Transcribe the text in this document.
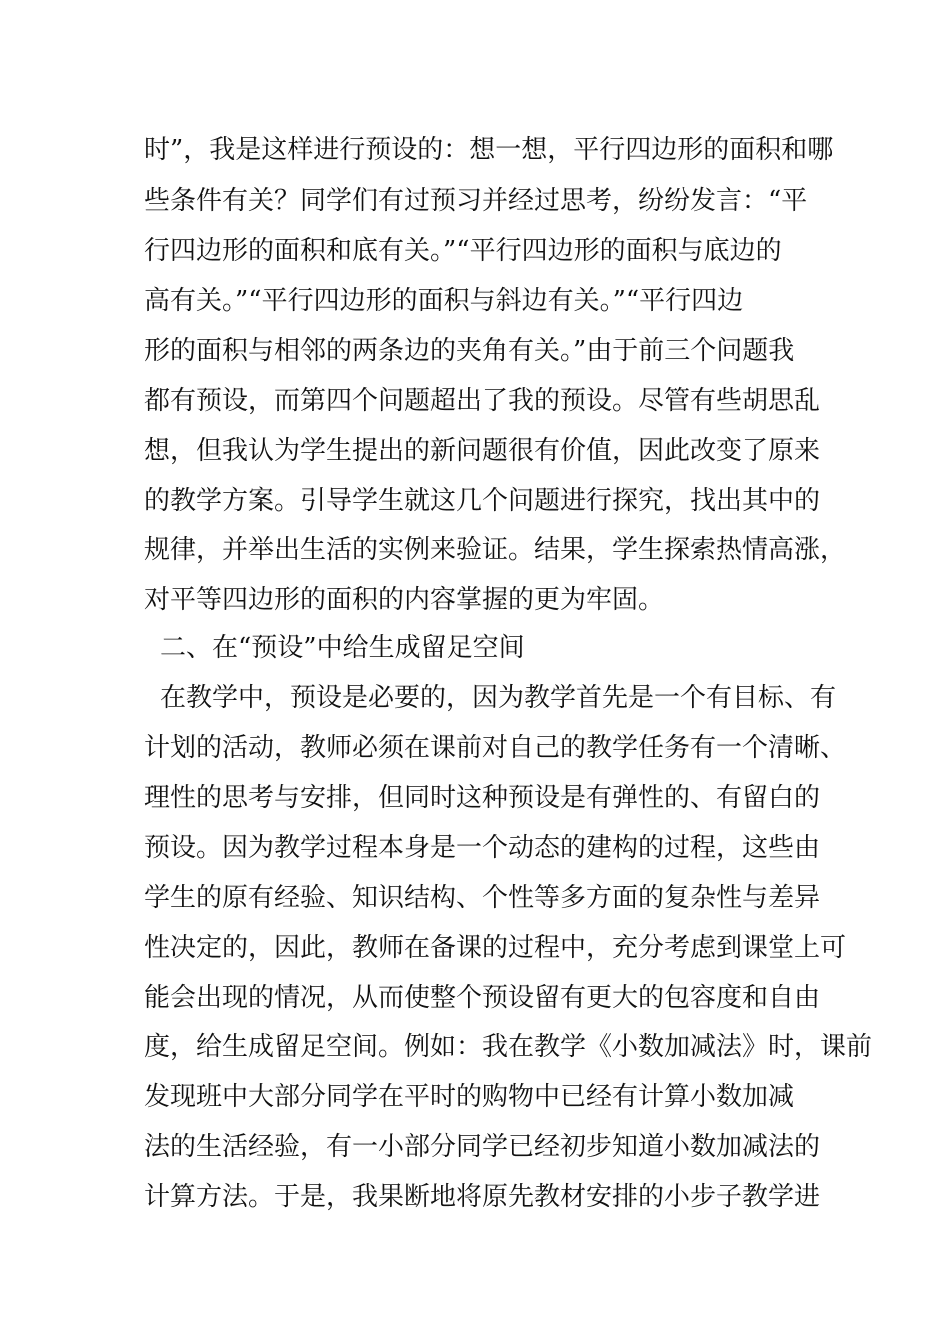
时”，我是这样进行预设的：想一想，平行四边形的面积和哪
些条件有关？同学们有过预习并经过思考，纷纷发言：“平
行四边形的面积和底有关。”“平行四边形的面积与底边的
高有关。”“平行四边形的面积与斜边有关。”“平行四边
形的面积与相邻的两条边的夹角有关。”由于前三个问题我
都有预设，而第四个问题超出了我的预设。尽管有些胡思乱
想，但我认为学生提出的新问题很有价值，因此改变了原来
的教学方案。引导学生就这几个问题进行探究，找出其中的
规律，并举出生活的实例来验证。结果，学生探索热情高涨，
对平等四边形的面积的内容掌握的更为牢固。
二、在“预设”中给生成留足空间
在教学中，预设是必要的，因为教学首先是一个有目标、有
计划的活动，教师必须在课前对自己的教学任务有一个清晰、
理性的思考与安排，但同时这种预设是有弹性的、有留白的
预设。因为教学过程本身是一个动态的建构的过程，这些由
学生的原有经验、知识结构、个性等多方面的复杂性与差异
性决定的，因此，教师在备课的过程中，充分考虑到课堂上可
能会出现的情况，从而使整个预设留有更大的包容度和自由
度，给生成留足空间。例如：我在教学《小数加减法》时，课前
发现班中大部分同学在平时的购物中已经有计算小数加减
法的生活经验，有一小部分同学已经初步知道小数加减法的
计算方法。于是，我果断地将原先教材安排的小步子教学进
